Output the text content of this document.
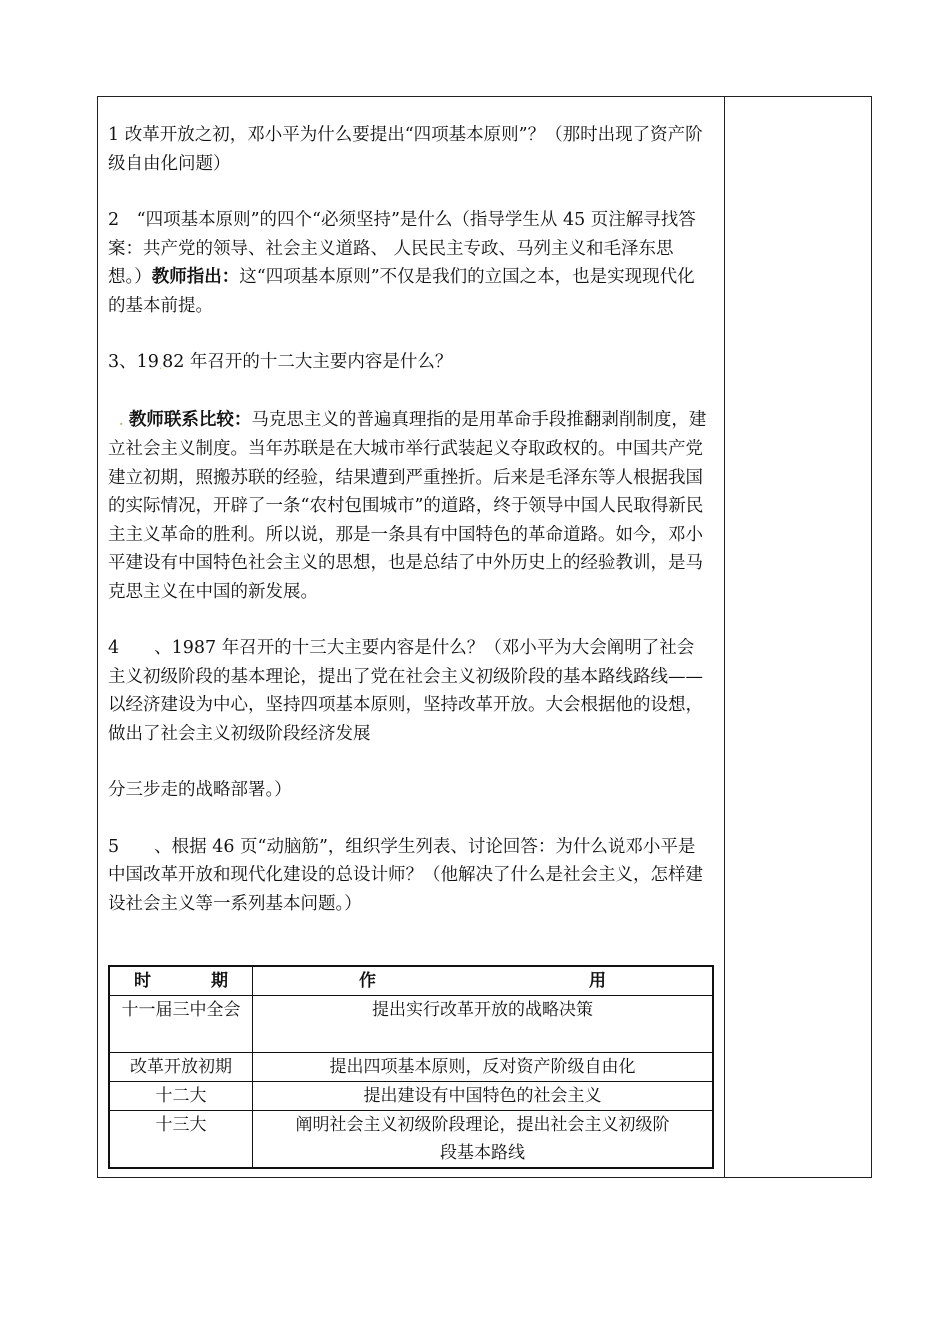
1 改革开放之初，邓小平为什么要提出“四项基本原则”？（那时出现了资产阶级自由化问题）

2　“四项基本原则”的四个“必须坚持”是什么（指导学生从 45 页注解寻找答案：共产党的领导、社会主义道路、 人民民主专政、马列主义和毛泽东思想。）教师指出：这“四项基本原则”不仅是我们的立国之本，也是实现现代化的基本前提。

3、19.82 年召开的十二大主要内容是什么？

. 教师联系比较：马克思主义的普遍真理指的是用革命手段推翻剥削制度，建立社会主义制度。当年苏联是在大城市举行武装起义夺取政权的。中国共产党建立初期，照搬苏联的经验，结果遭到严重挫折。后来是毛泽东等人根据我国的实际情况，开辟了一条“农村包围城市”的道路，终于领导中国人民取得新民主主义革命的胜利。所以说，那是一条具有中国特色的革命道路。如今，邓小平建设有中国特色社会主义的思想，也是总结了中外历史上的经验教训，是马克思主义在中国的新发展。

4　　、1987 年召开的十三大主要内容是什么？（邓小平为大会阐明了社会主义初级阶段的基本理论，提出了党在社会主义初级阶段的基本路线路线——以经济建设为中心，坚持四项基本原则，坚持改革开放。大会根据他的设想，做出了社会主义初级阶段经济发展

分三步走的战略部署。）

5　　、根据 46 页“动脑筋”，组织学生列表、讨论回答：为什么说邓小平是中国改革开放和现代化建设的总设计师？（他解决了什么是社会主义，怎样建设社会主义等一系列基本问题。）

时 期	作 用

十一届三中全会	提出实行改革开放的战略决策
改革开放初期	提出四项基本原则，反对资产阶级自由化
十二大	提出建设有中国特色的社会主义
十三大	阐明社会主义初级阶段理论，提出社会主义初级阶段基本路线
